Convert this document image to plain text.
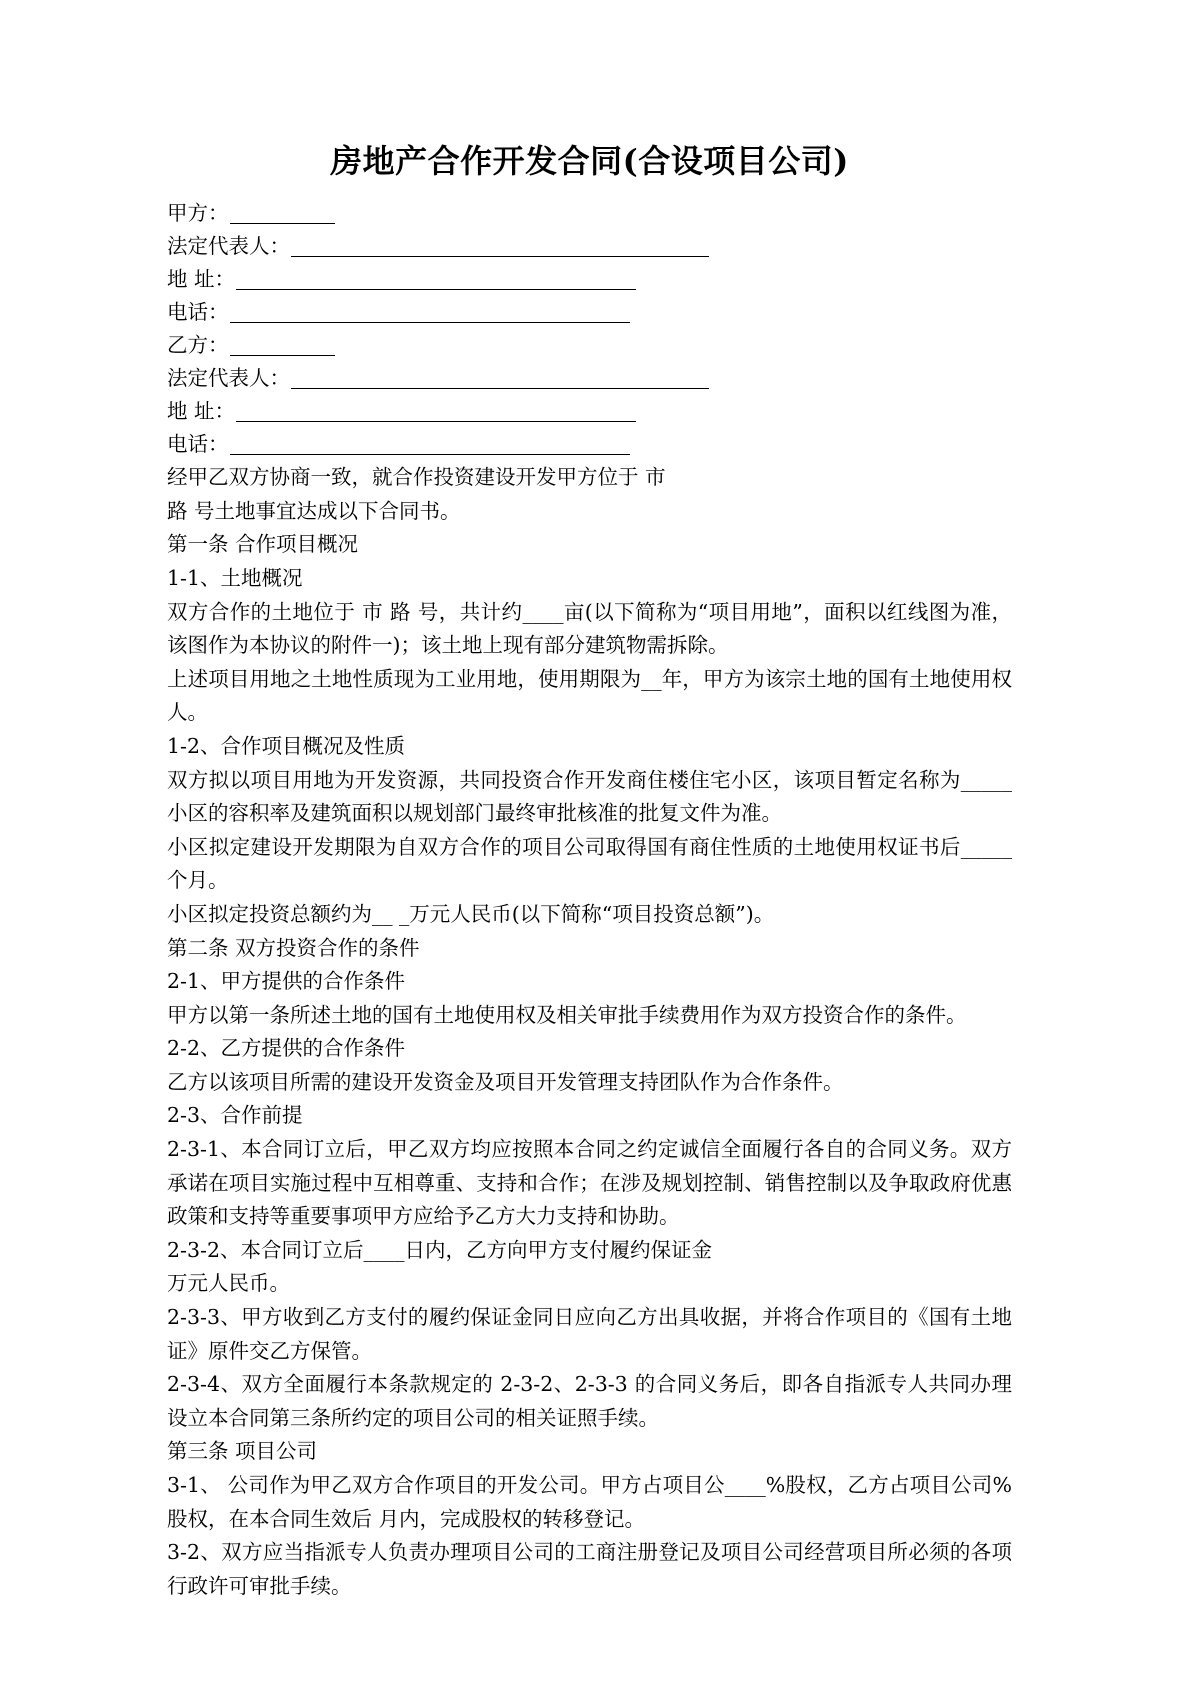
房地产合作开发合同(合设项目公司)

甲方：

法定代表人：

地 址：

电话：

乙方：

法定代表人：

地 址：

电话：

经甲乙双方协商一致，就合作投资建设开发甲方位于 市

路 号土地事宜达成以下合同书。

第一条 合作项目概况

1-1、土地概况

双方合作的土地位于 市 路 号，共计约____亩(以下简称为“项目用地”，面积以红线图为准，该图作为本协议的附件一)；该土地上现有部分建筑物需拆除。

上述项目用地之土地性质现为工业用地，使用期限为__年，甲方为该宗土地的国有土地使用权人。

1-2、合作项目概况及性质

双方拟以项目用地为开发资源，共同投资合作开发商住楼住宅小区，该项目暂定名称为_____ 小区的容积率及建筑面积以规划部门最终审批核准的批复文件为准。

小区拟定建设开发期限为自双方合作的项目公司取得国有商住性质的土地使用权证书后_____个月。

小区拟定投资总额约为__ _万元人民币(以下简称“项目投资总额”)。

第二条 双方投资合作的条件

2-1、甲方提供的合作条件

甲方以第一条所述土地的国有土地使用权及相关审批手续费用作为双方投资合作的条件。

2-2、乙方提供的合作条件

乙方以该项目所需的建设开发资金及项目开发管理支持团队作为合作条件。

2-3、合作前提

2-3-1、本合同订立后，甲乙双方均应按照本合同之约定诚信全面履行各自的合同义务。双方承诺在项目实施过程中互相尊重、支持和合作；在涉及规划控制、销售控制以及争取政府优惠政策和支持等重要事项甲方应给予乙方大力支持和协助。

2-3-2、本合同订立后____日内，乙方向甲方支付履约保证金

万元人民币。

2-3-3、甲方收到乙方支付的履约保证金同日应向乙方出具收据，并将合作项目的《国有土地证》原件交乙方保管。

2-3-4、双方全面履行本条款规定的 2-3-2、2-3-3 的合同义务后，即各自指派专人共同办理设立本合同第三条所约定的项目公司的相关证照手续。

第三条 项目公司

3-1、 公司作为甲乙双方合作项目的开发公司。甲方占项目公____%股权，乙方占项目公司%股权，在本合同生效后 月内，完成股权的转移登记。

3-2、双方应当指派专人负责办理项目公司的工商注册登记及项目公司经营项目所必须的各项行政许可审批手续。
